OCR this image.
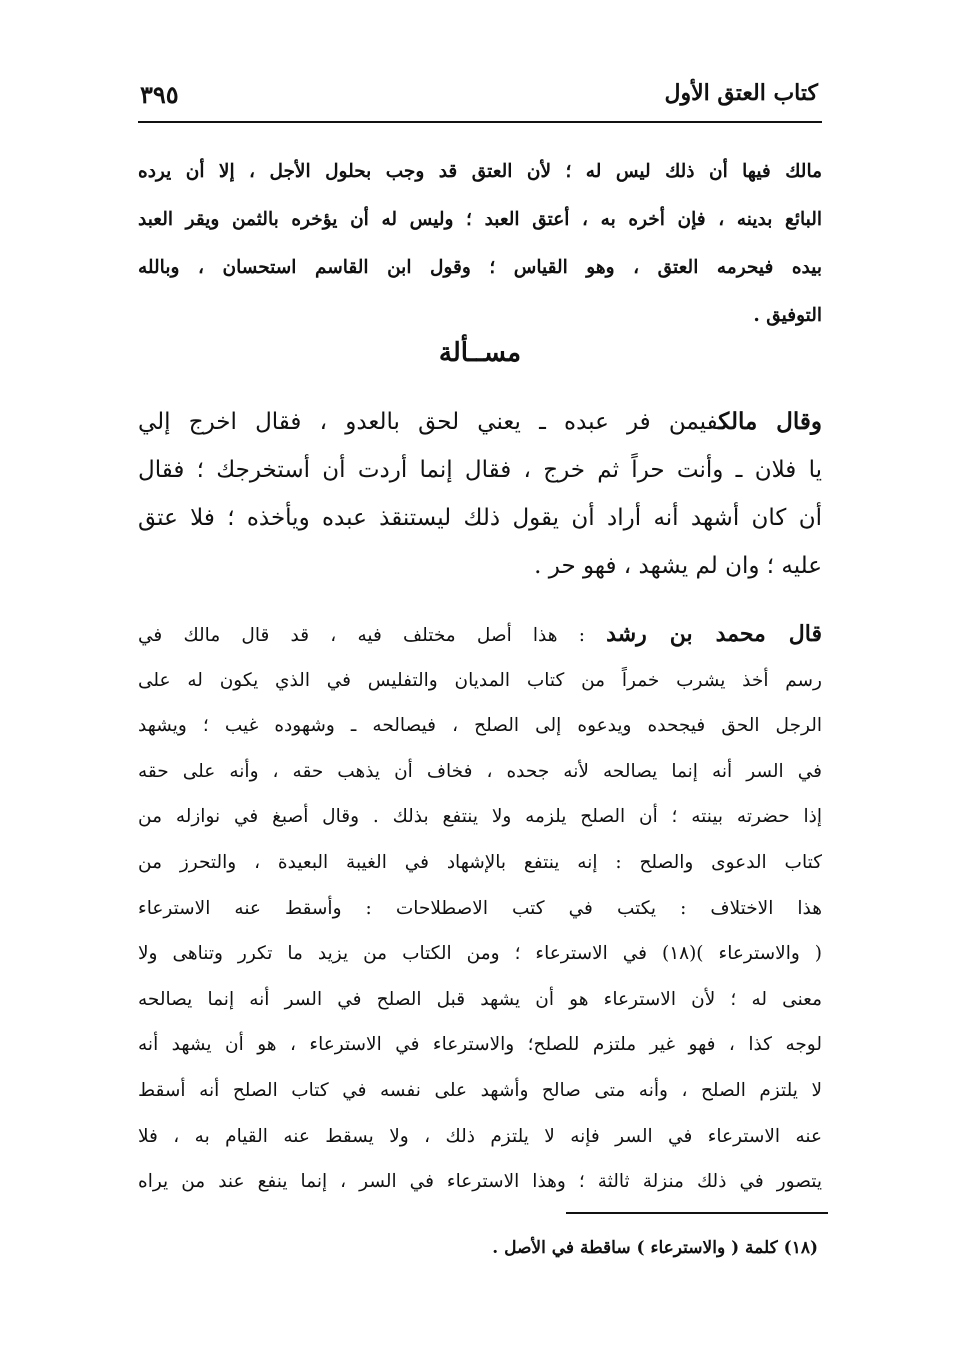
كتاب العتق الأول
٣٩٥
مالك فيها أن ذلك ليس له ؛ لأن العتق قد وجب بحلول الأجل ، إلا أن يرده
البائع بدينه ، فإن أخره به ، أعتق العبد ؛ وليس له أن يؤخره بالثمن ويقر العبد
بيده فيحرمه العتق ، وهو القياس ؛ وقول ابن القاسم استحسان ، وبالله
التوفيق .
مســألة
وقال مالكفيمن فر عبده ـ يعني لحق بالعدو ، فقال اخرج إلي
يا فلان ـ وأنت حراً ثم خرج ، فقال إنما أردت أن أستخرجك ؛ فقال
أن كان أشهد أنه أراد أن يقول ذلك ليستنقذ عبده ويأخذه ؛ فلا عتق
عليه ؛ وان لم يشهد ، فهو حر .
قال محمد بن رشد : هذا أصل مختلف فيه ، قد قال مالك في
رسم أخذ يشرب خمراً من كتاب المديان والتفليس في الذي يكون له على
الرجل الحق فيجحده ويدعوه إلى الصلح ، فيصالحه ـ وشهوده غيب ؛ ويشهد
في السر أنه إنما يصالحه لأنه جحده ، فخاف أن يذهب حقه ، وأنه على حقه
إذا حضرته بينته ؛ أن الصلح يلزمه ولا ينتفع بذلك . وقال أصبغ في نوازله من
كتاب الدعوى والصلح : إنه ينتفع بالإشهاد في الغيبة البعيدة ، والتحرز من
هذا الاختلاف : يكتب في كتب الاصطلاحات : وأسقط عنه الاسترعاء
( والاسترعاء )(١٨) في الاسترعاء ؛ ومن الكتاب من يزيد ما تكرر وتناهى ولا
معنى له ؛ لأن الاسترعاء هو أن يشهد قبل الصلح في السر أنه إنما يصالحه
لوجه كذا ، فهو غير ملتزم للصلح؛ والاسترعاء في الاسترعاء ، هو أن يشهد أنه
لا يلتزم الصلح ، وأنه متى صالح وأشهد على نفسه في كتاب الصلح أنه أسقط
عنه الاسترعاء في السر فإنه لا يلتزم ذلك ، ولا يسقط عنه القيام به ، فلا
يتصور في ذلك منزلة ثالثة ؛ وهذا الاسترعاء في السر ، إنما ينفع عند من يراه
(١٨) كلمة ( والاسترعاء ) ساقطة في الأصل .
